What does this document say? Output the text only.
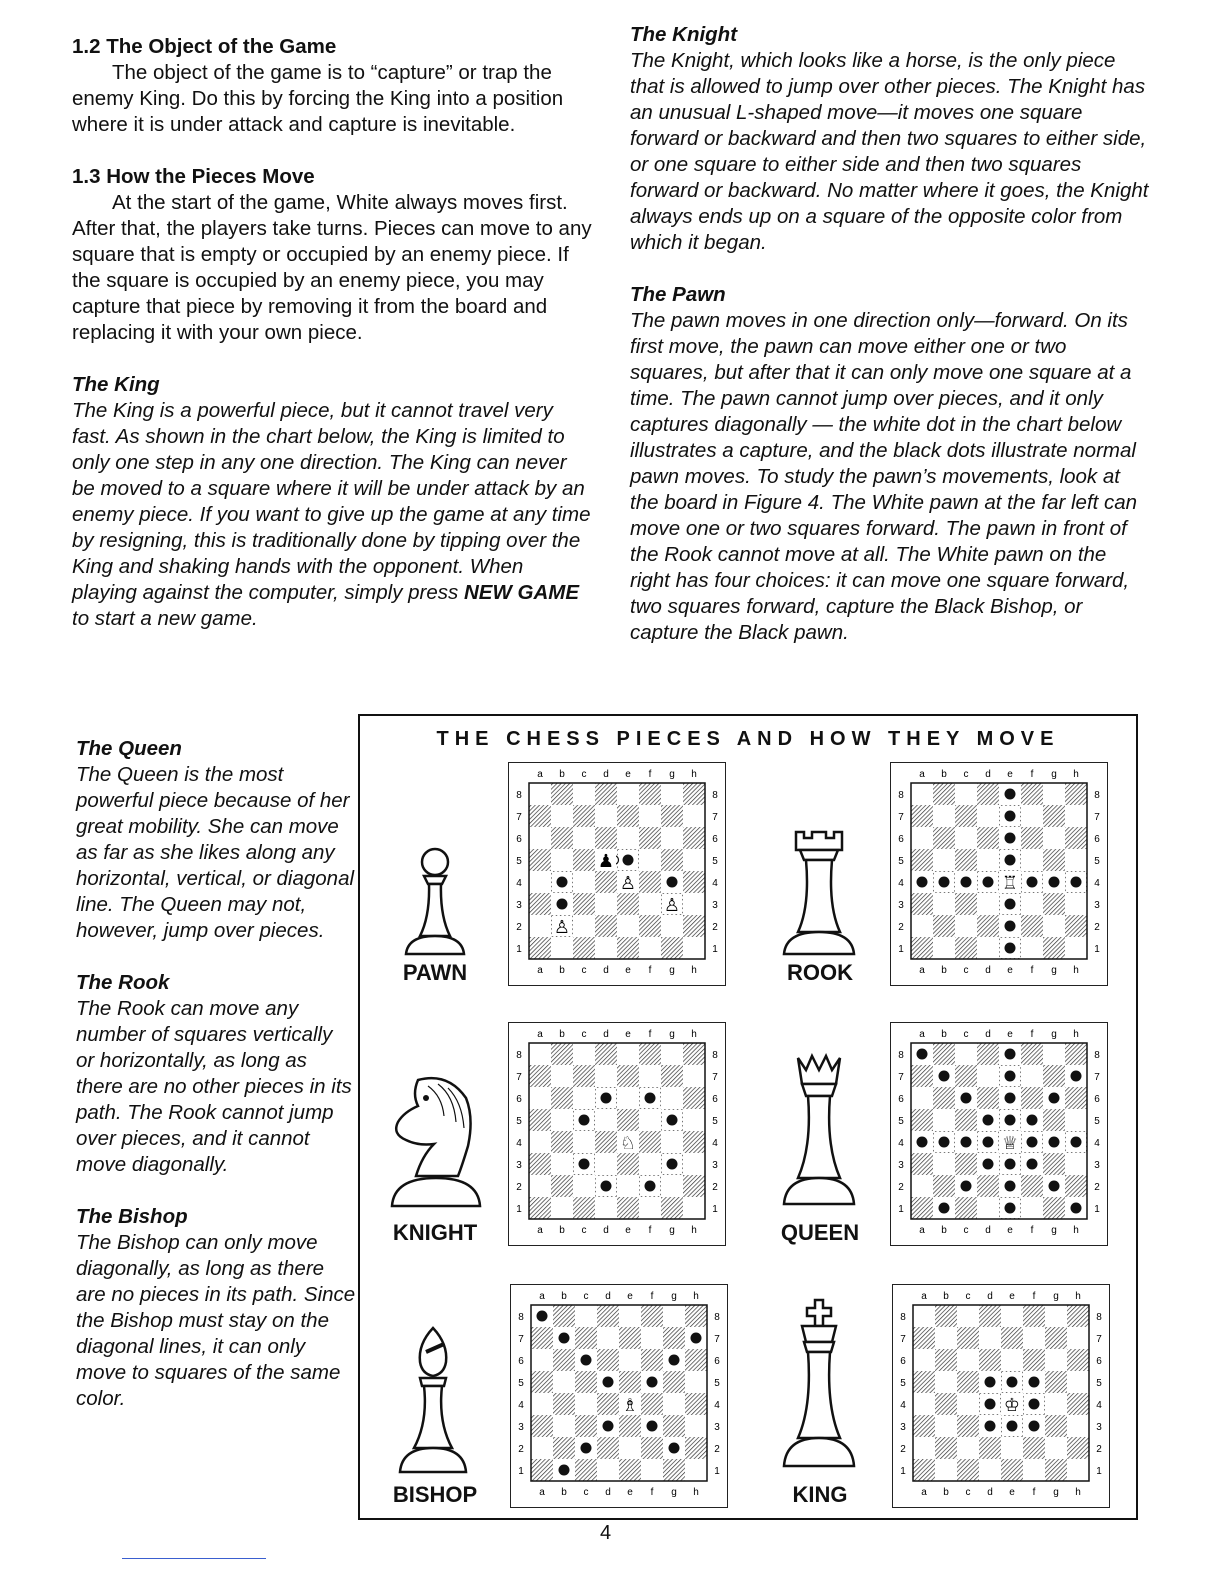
1.2 The Object of the Game

The object of the game is to “capture” or trap the enemy King. Do this by forcing the King into a position where it is under attack and capture is inevitable.

1.3 How the Pieces Move

At the start of the game, White always moves first. After that, the players take turns. Pieces can move to any square that is empty or occupied by an enemy piece. If the square is occupied by an enemy piece, you may capture that piece by removing it from the board and replacing it with your own piece.

The King

The King is a powerful piece, but it cannot travel very fast. As shown in the chart below, the King is limited to only one step in any one direction. The King can never be moved to a square where it will be under attack by an enemy piece. If you want to give up the game at any time by resigning, this is traditionally done by tipping over the King and shaking hands with the opponent. When playing against the computer, simply press NEW GAME to start a new game.

The Knight

The Knight, which looks like a horse, is the only piece that is allowed to jump over other pieces. The Knight has an unusual L-shaped move—it moves one square forward or backward and then two squares to either side, or one square to either side and then two squares forward or backward. No matter where it goes, the Knight always ends up on a square of the opposite color from which it began.

The Pawn

The pawn moves in one direction only—forward. On its first move, the pawn can move either one or two squares, but after that it can only move one square at a time. The pawn cannot jump over pieces, and it only captures diagonally — the white dot in the chart below illustrates a capture, and the black dots illustrate normal pawn moves. To study the pawn’s movements, look at the board in Figure 4. The White pawn at the far left can move one or two squares forward. The pawn in front of the Rook cannot move at all. The White pawn on the right has four choices: it can move one square forward, two squares forward, capture the Black Bishop, or capture the Black pawn.

The Queen

The Queen is the most powerful piece because of her great mobility. She can move as far as she likes along any horizontal, vertical, or diagonal line. The Queen may not, however, jump over pieces.

The Rook

The Rook can move any number of squares vertically or horizontally, as long as there are no other pieces in its path. The Rook cannot jump over pieces, and it cannot move diagonally.

The Bishop

The Bishop can only move diagonally, as long as there are no pieces in its path. Since the Bishop must stay on the diagonal lines, it can only move to squares of the same color.

THE CHESS PIECES AND HOW THEY MOVE
PAWN
a
a
b
b
c
c
d
d
e
e
f
f
g
g
h
h
8	8
7	7
6	6
5	5
4	4
3	3
2	2
1	1
♙
♙
♙
♟
ROOK
a
a
b
b
c
c
d
d
e
e
f
f
g
g
h
h
8	8
7	7
6	6
5	5
4	4
3	3
2	2
1	1
♖
KNIGHT
a
a
b
b
c
c
d
d
e
e
f
f
g
g
h
h
8	8
7	7
6	6
5	5
4	4
3	3
2	2
1	1
♘
QUEEN
a
a
b
b
c
c
d
d
e
e
f
f
g
g
h
h
8	8
7	7
6	6
5	5
4	4
3	3
2	2
1	1
♕
BISHOP
a
a
b
b
c
c
d
d
e
e
f
f
g
g
h
h
8	8
7	7
6	6
5	5
4	4
3	3
2	2
1	1
♗
KING
a
a
b
b
c
c
d
d
e
e
f
f
g
g
h
h
8	8
7	7
6	6
5	5
4	4
3	3
2	2
1	1
♔
4
